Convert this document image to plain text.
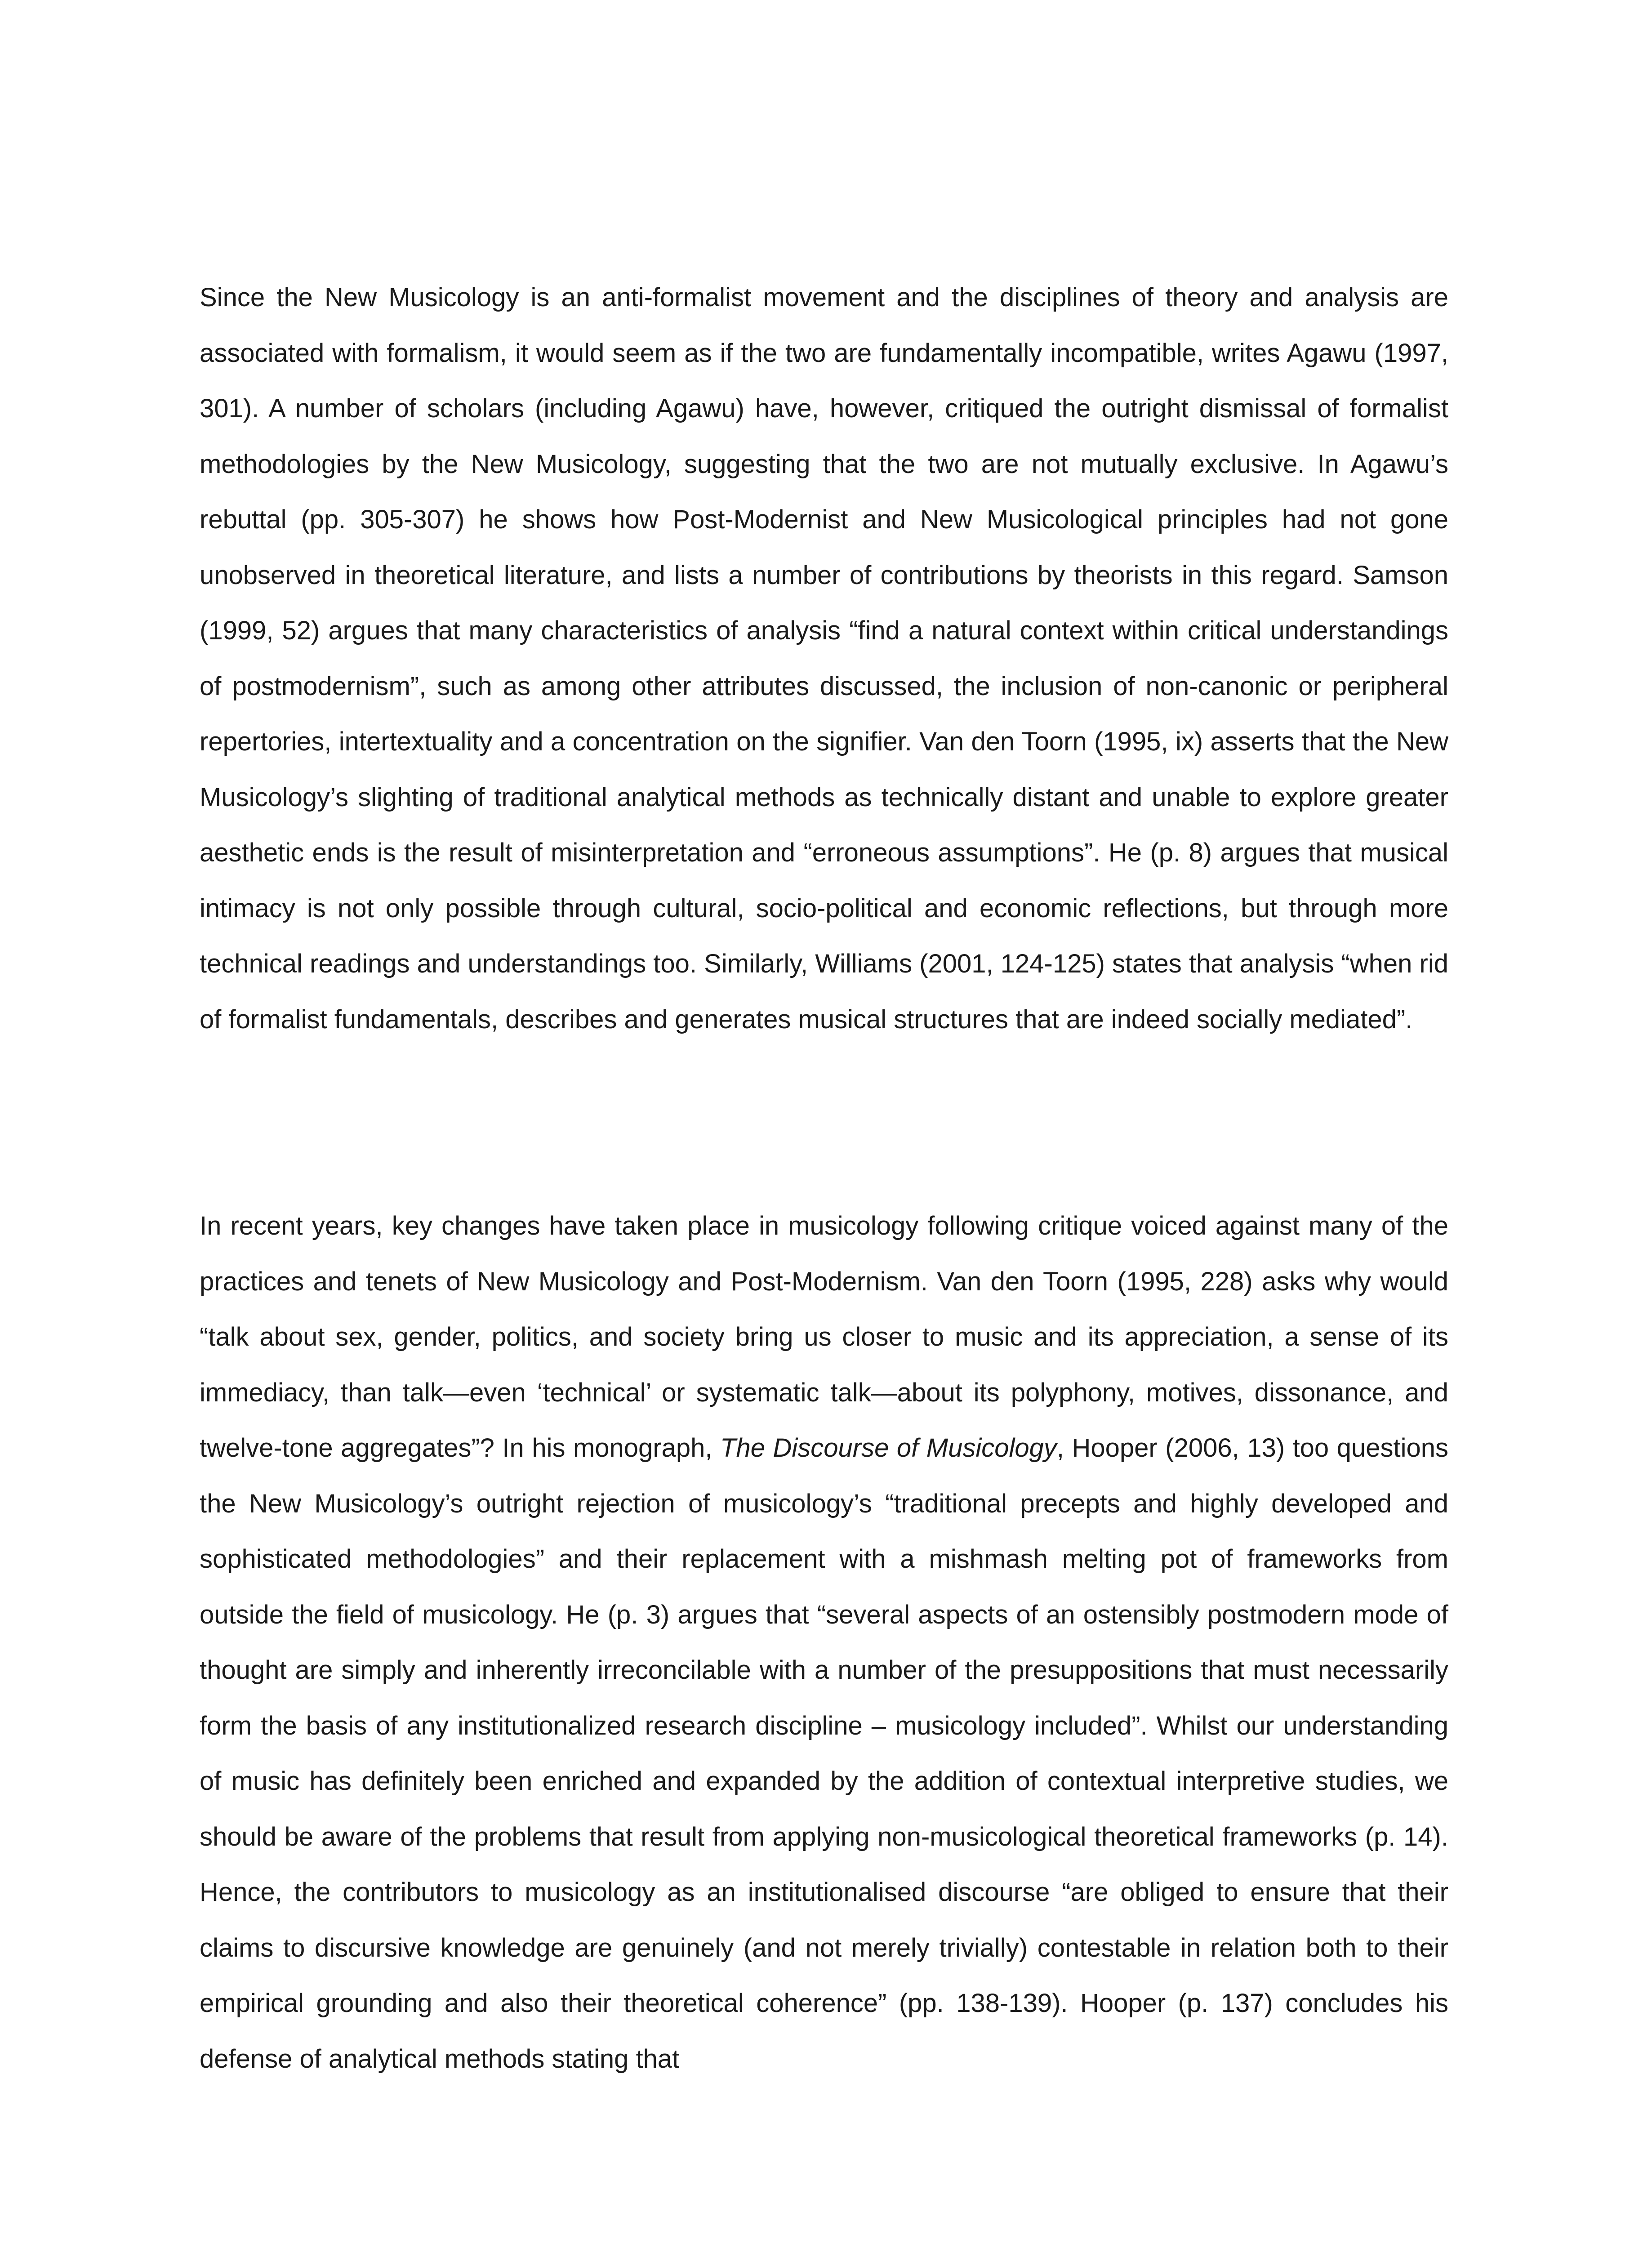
Since the New Musicology is an anti-formalist movement and the disciplines of theory and analysis are associated with formalism, it would seem as if the two are fundamentally incompatible, writes Agawu (1997, 301). A number of scholars (including Agawu) have, however, critiqued the outright dismissal of formalist methodologies by the New Musicology, suggesting that the two are not mutually exclusive. In Agawu’s rebuttal (pp. 305-307) he shows how Post-Modernist and New Musicological principles had not gone unobserved in theoretical literature, and lists a number of contributions by theorists in this regard. Samson (1999, 52) argues that many characteristics of analysis “find a natural context within critical understandings of postmodernism”, such as among other attributes discussed, the inclusion of non-canonic or peripheral repertories, intertextuality and a concentration on the signifier. Van den Toorn (1995, ix) asserts that the New Musicology’s slighting of traditional analytical methods as technically distant and unable to explore greater aesthetic ends is the result of misinterpretation and “erroneous assumptions”. He (p. 8) argues that musical intimacy is not only possible through cultural, socio-political and economic reflections, but through more technical readings and understandings too. Similarly, Williams (2001, 124-125) states that analysis “when rid of formalist fundamentals, describes and generates musical structures that are indeed socially mediated”.

In recent years, key changes have taken place in musicology following critique voiced against many of the practices and tenets of New Musicology and Post-Modernism. Van den Toorn (1995, 228) asks why would “talk about sex, gender, politics, and society bring us closer to music and its appreciation, a sense of its immediacy, than talk—even ‘technical’ or systematic talk—about its polyphony, motives, dissonance, and twelve-tone aggregates”? In his monograph, The Discourse of Musicology, Hooper (2006, 13) too questions the New Musicology’s outright rejection of musicology’s “traditional precepts and highly developed and sophisticated methodologies” and their replacement with a mishmash melting pot of frameworks from outside the field of musicology. He (p. 3) argues that “several aspects of an ostensibly postmodern mode of thought are simply and inherently irreconcilable with a number of the presuppositions that must necessarily form the basis of any institutionalized research discipline – musicology included”. Whilst our understanding of music has definitely been enriched and expanded by the addition of contextual interpretive studies, we should be aware of the problems that result from applying non-musicological theoretical frameworks (p. 14). Hence, the contributors to musicology as an institutionalised discourse “are obliged to ensure that their claims to discursive knowledge are genuinely (and not merely trivially) contestable in relation both to their empirical grounding and also their theoretical coherence” (pp. 138-139). Hooper (p. 137) concludes his defense of analytical methods stating that
